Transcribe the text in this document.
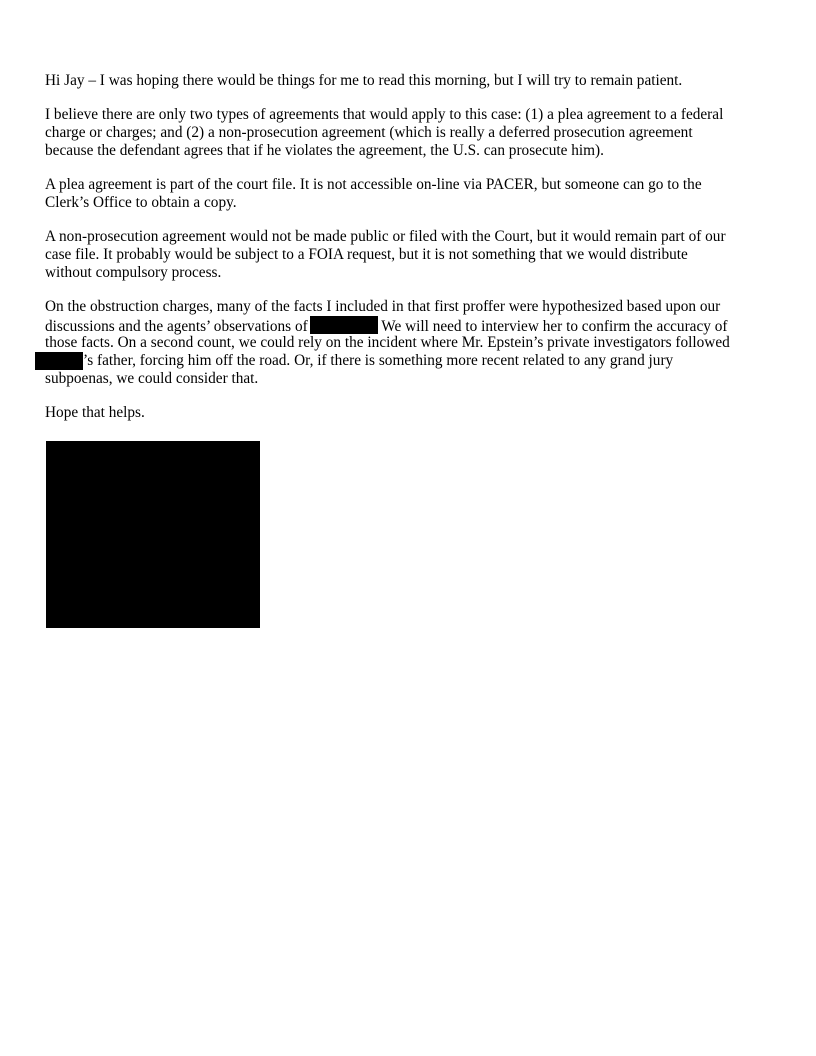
Hi Jay – I was hoping there would be things for me to read this morning, but I will try to remain patient.
I believe there are only two types of agreements that would apply to this case: (1) a plea agreement to a federal
charge or charges; and (2) a non-prosecution agreement (which is really a deferred prosecution agreement
because the defendant agrees that if he violates the agreement, the U.S. can prosecute him).
A plea agreement is part of the court file. It is not accessible on-line via PACER, but someone can go to the
Clerk’s Office to obtain a copy.
A non-prosecution agreement would not be made public or filed with the Court, but it would remain part of our
case file. It probably would be subject to a FOIA request, but it is not something that we would distribute
without compulsory process.
On the obstruction charges, many of the facts I included in that first proffer were hypothesized based upon our
discussions and the agents’ observations of	We will need to interview her to confirm the accuracy of
those facts. On a second count, we could rely on the incident where Mr. Epstein’s private investigators followed
’s father, forcing him off the road. Or, if there is something more recent related to any grand jury
subpoenas, we could consider that.
Hope that helps.
